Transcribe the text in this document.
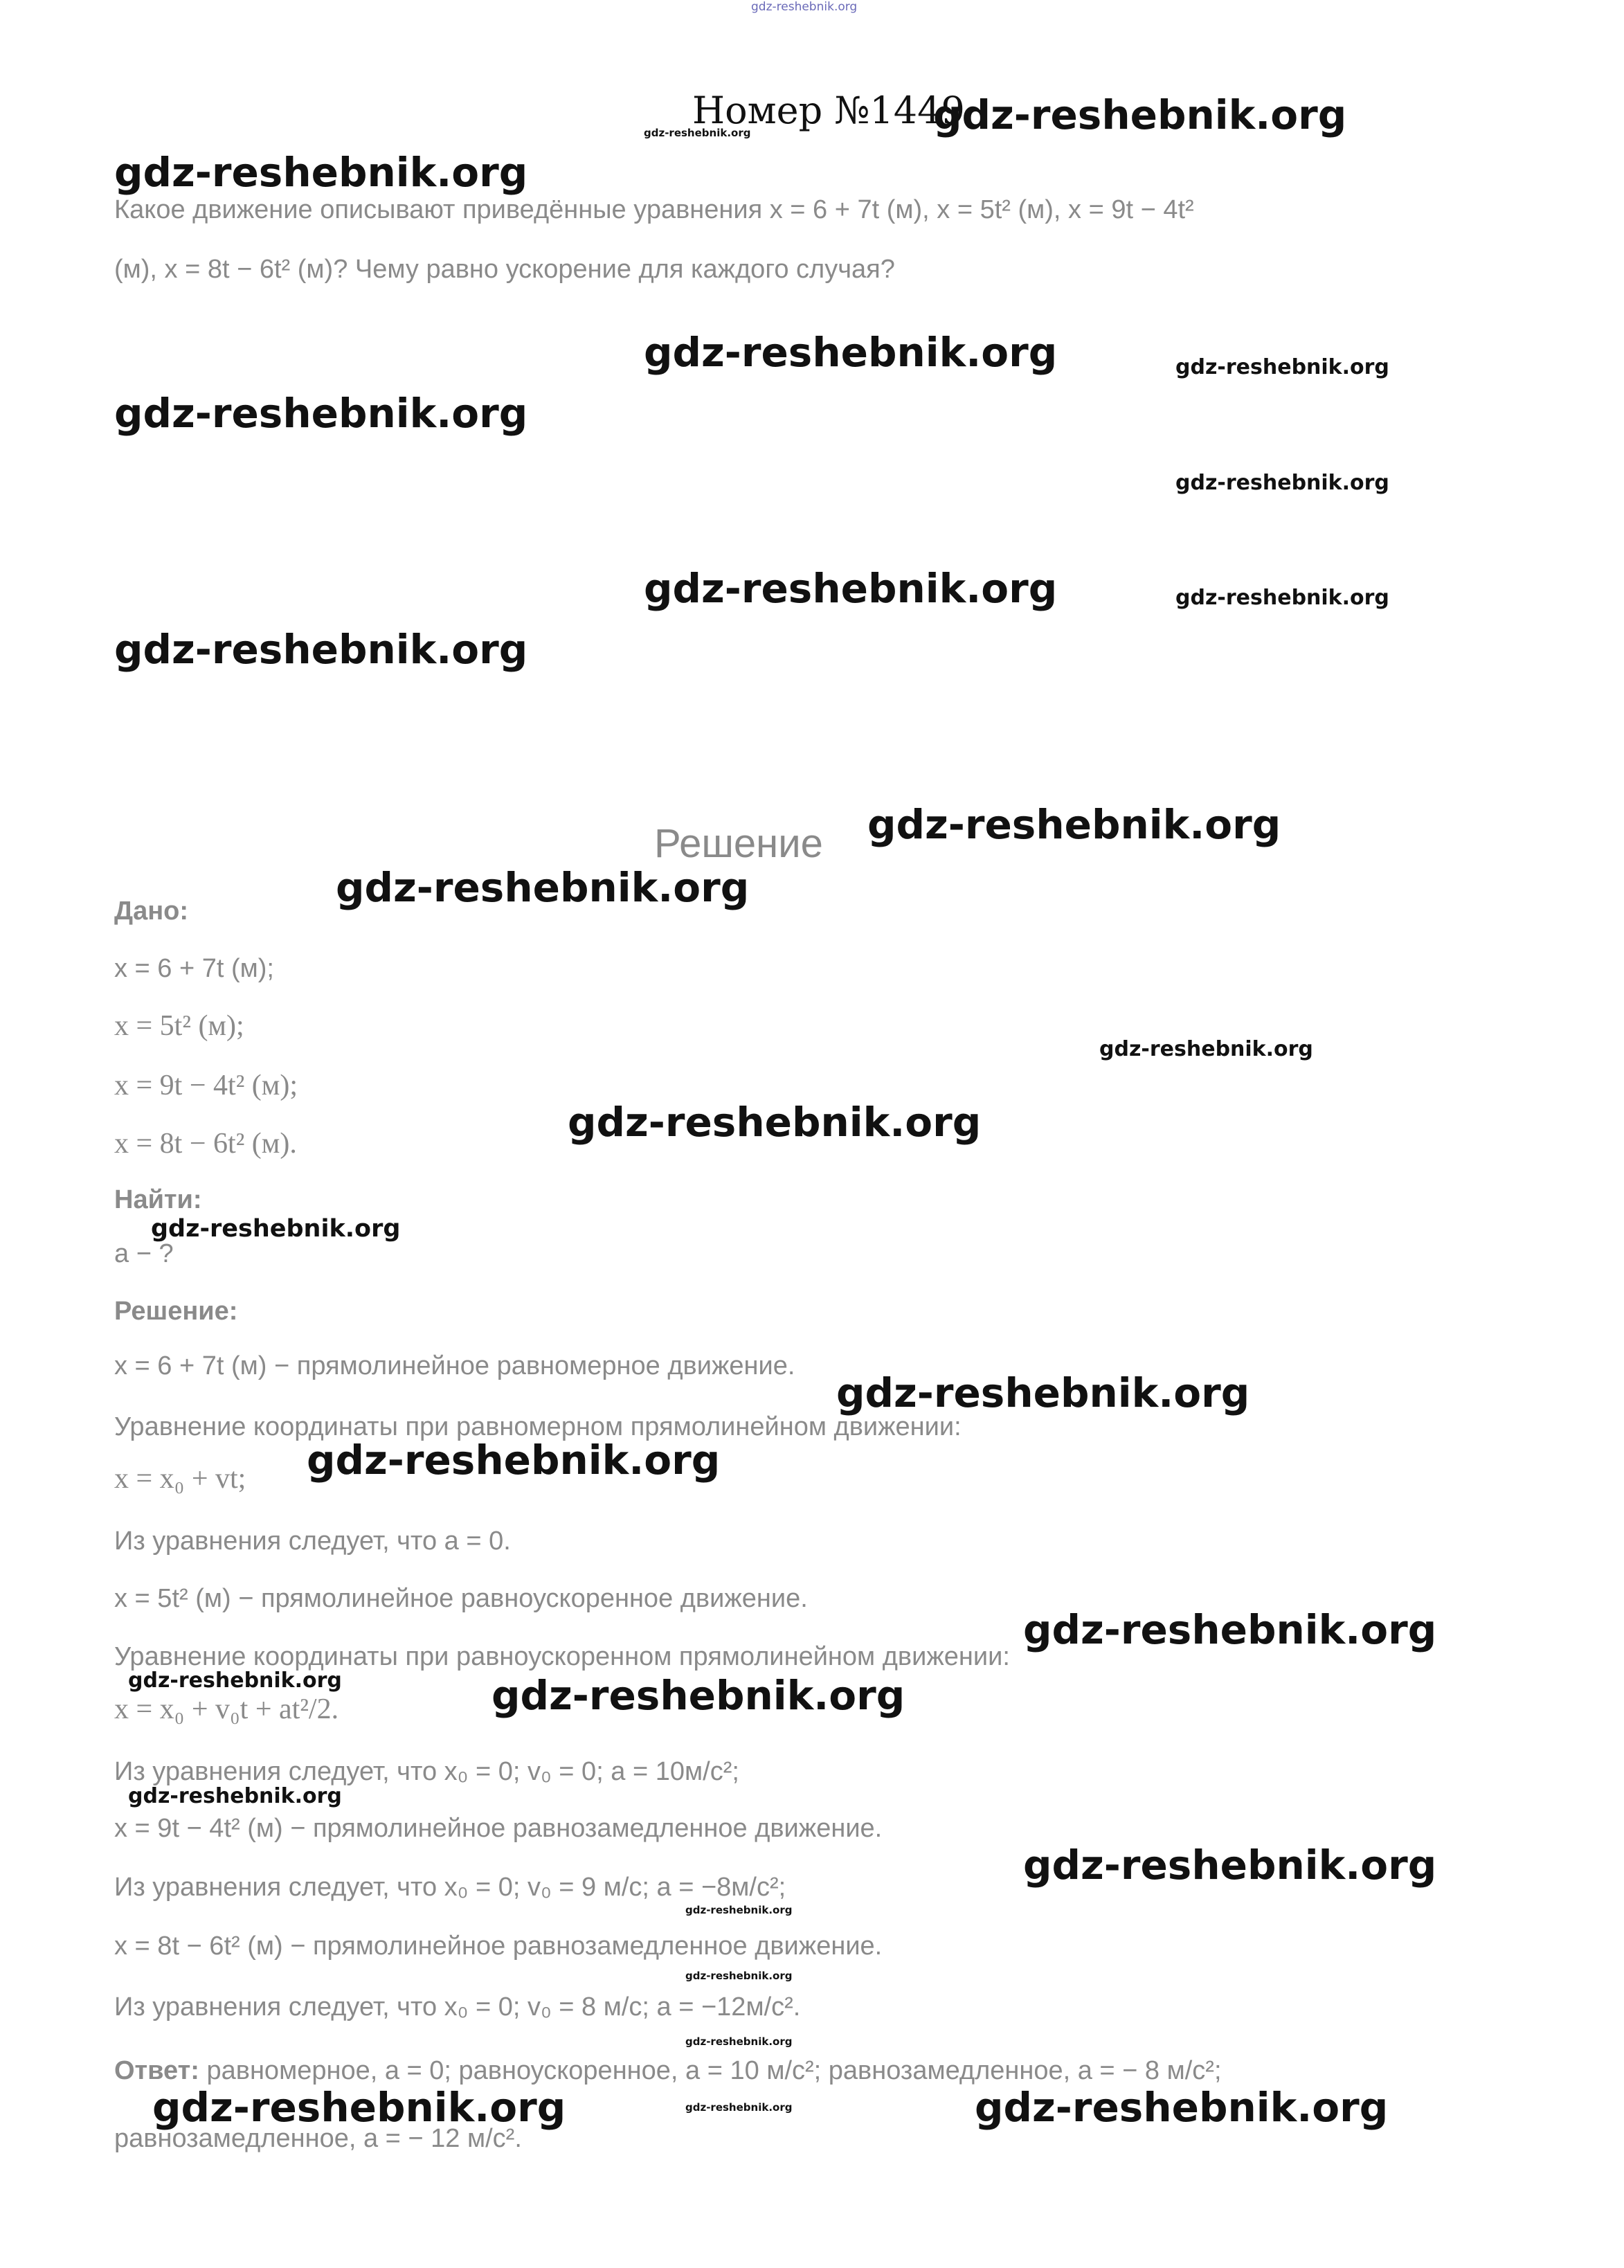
gdz-reshebnik.org
Номер №1449
gdz-reshebnik.org	gdz-reshebnik.org
gdz-reshebnik.org
Какое движение описывают приведённые уравнения x = 6 + 7t (м), x = 5t² (м), x = 9t − 4t²
(м), x = 8t − 6t² (м)? Чему равно ускорение для каждого случая?
gdz-reshebnik.org	gdz-reshebnik.org
gdz-reshebnik.org
gdz-reshebnik.org
gdz-reshebnik.org	gdz-reshebnik.org
gdz-reshebnik.org
Решение gdz-reshebnik.org
gdz-reshebnik.org
Дано:
x = 6 + 7t (м);
x = 5t² (м);
x = 9t − 4t² (м);
x = 8t − 6t² (м).
gdz-reshebnik.org
gdz-reshebnik.org
Найти:
gdz-reshebnik.org
a − ?
Решение:
x = 6 + 7t (м) − прямолинейное равномерное движение.
gdz-reshebnik.org
Уравнение координаты при равномерном прямолинейном движении:
gdz-reshebnik.org
x = x₀ + vt;
Из уравнения следует, что a = 0.
x = 5t² (м) − прямолинейное равноускоренное движение.
gdz-reshebnik.org
Уравнение координаты при равноускоренном прямолинейном движении:
gdz-reshebnik.org	gdz-reshebnik.org
x = x₀ + v₀t + at²/2.
Из уравнения следует, что x₀ = 0; v₀ = 0; a = 10м/с²;
gdz-reshebnik.org
x = 9t − 4t² (м) − прямолинейное равнозамедленное движение.
gdz-reshebnik.org
Из уравнения следует, что x₀ = 0; v₀ = 9 м/с; a = −8м/с²;
gdz-reshebnik.org
x = 8t − 6t² (м) − прямолинейное равнозамедленное движение.
gdz-reshebnik.org
Из уравнения следует, что x₀ = 0; v₀ = 8 м/с; a = −12м/с².
gdz-reshebnik.org
Ответ: равномерное, a = 0; равноускоренное, a = 10 м/с²; равнозамедленное, a = − 8 м/с²;
gdz-reshebnik.org	gdz-reshebnik.org	gdz-reshebnik.org
равнозамедленное, a = − 12 м/с².
